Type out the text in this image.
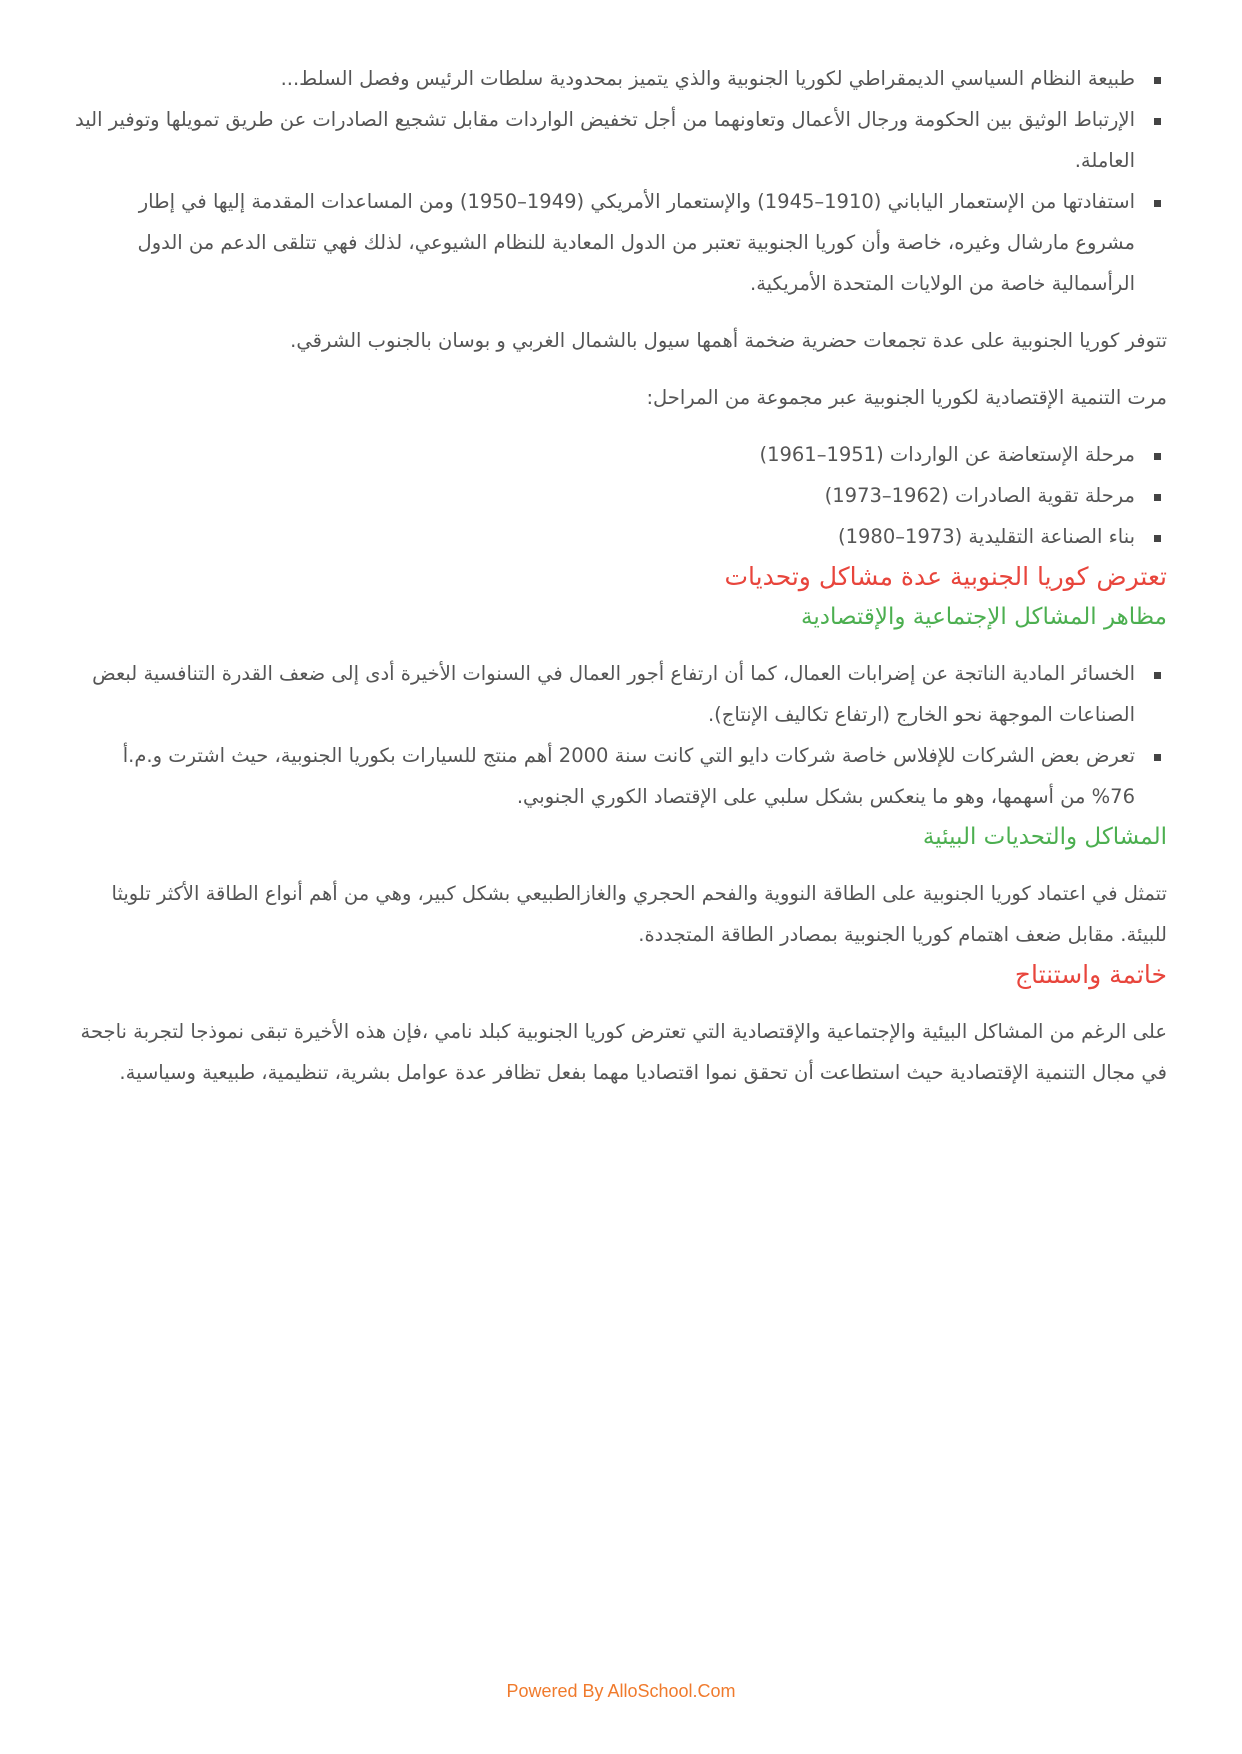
طبيعة النظام السياسي الديمقراطي لكوريا الجنوبية والذي يتميز بمحدودية سلطات الرئيس وفصل السلط...
الإرتباط الوثيق بين الحكومة ورجال الأعمال وتعاونهما من أجل تخفيض الواردات مقابل تشجيع الصادرات عن طريق تمويلها وتوفير اليد العاملة.
استفادتها من الإستعمار الياباني (1910–1945) والإستعمار الأمريكي (1949–1950) ومن المساعدات المقدمة إليها في إطار مشروع مارشال وغيره، خاصة وأن كوريا الجنوبية تعتبر من الدول المعادية للنظام الشيوعي، لذلك فهي تتلقى الدعم من الدول الرأسمالية خاصة من الولايات المتحدة الأمريكية.

تتوفر كوريا الجنوبية على عدة تجمعات حضرية ضخمة أهمها سيول بالشمال الغربي و بوسان بالجنوب الشرقي.

مرت التنمية الإقتصادية لكوريا الجنوبية عبر مجموعة من المراحل:

مرحلة الإستعاضة عن الواردات (1951–1961)
مرحلة تقوية الصادرات (1962–1973)
بناء الصناعة التقليدية (1973–1980)
تعترض كوريا الجنوبية عدة مشاكل وتحديات
مظاهر المشاكل الإجتماعية والإقتصادية
الخسائر المادية الناتجة عن إضرابات العمال، كما أن ارتفاع أجور العمال في السنوات الأخيرة أدى إلى ضعف القدرة التنافسية لبعض الصناعات الموجهة نحو الخارج (ارتفاع تكاليف الإنتاج).
تعرض بعض الشركات للإفلاس خاصة شركات دايو التي كانت سنة 2000 أهم منتج للسيارات بكوريا الجنوبية، حيث اشترت و.م.أ 76% من أسهمها، وهو ما ينعكس بشكل سلبي على الإقتصاد الكوري الجنوبي.
المشاكل والتحديات البيئية

تتمثل في اعتماد كوريا الجنوبية على الطاقة النووية والفحم الحجري والغازالطبيعي بشكل كبير، وهي من أهم أنواع الطاقة الأكثر تلويثا للبيئة. مقابل ضعف اهتمام كوريا الجنوبية بمصادر الطاقة المتجددة.

خاتمة واستنتاج

على الرغم من المشاكل البيئية والإجتماعية والإقتصادية التي تعترض كوريا الجنوبية كبلد نامي ،فإن هذه الأخيرة تبقى نموذجا لتجربة ناجحة في مجال التنمية الإقتصادية حيث استطاعت أن تحقق نموا اقتصاديا مهما بفعل تظافر عدة عوامل بشرية، تنظيمية، طبيعية وسياسية.

Powered By AlloSchool.Com
